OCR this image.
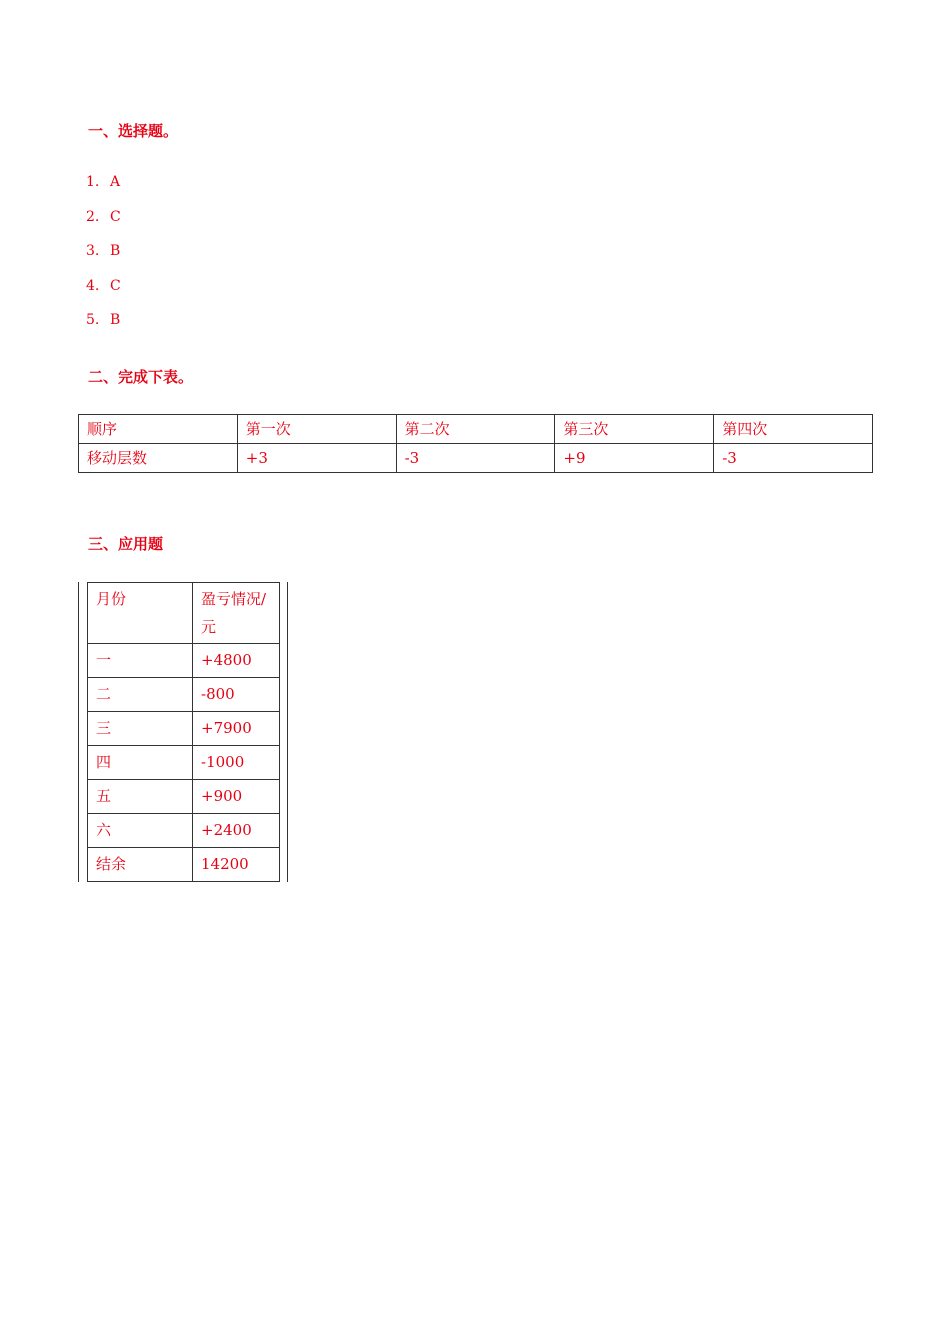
一、选择题。
1. A
2. C
3. B
4. C
5. B
二、完成下表。
顺序	第一次	第二次	第三次	第四次
移动层数	+3	-3	+9	-3
三、应用题
月份	盈亏情况/元
一	+4800
二	-800
三	+7900
四	-1000
五	+900
六	+2400
结余	14200
